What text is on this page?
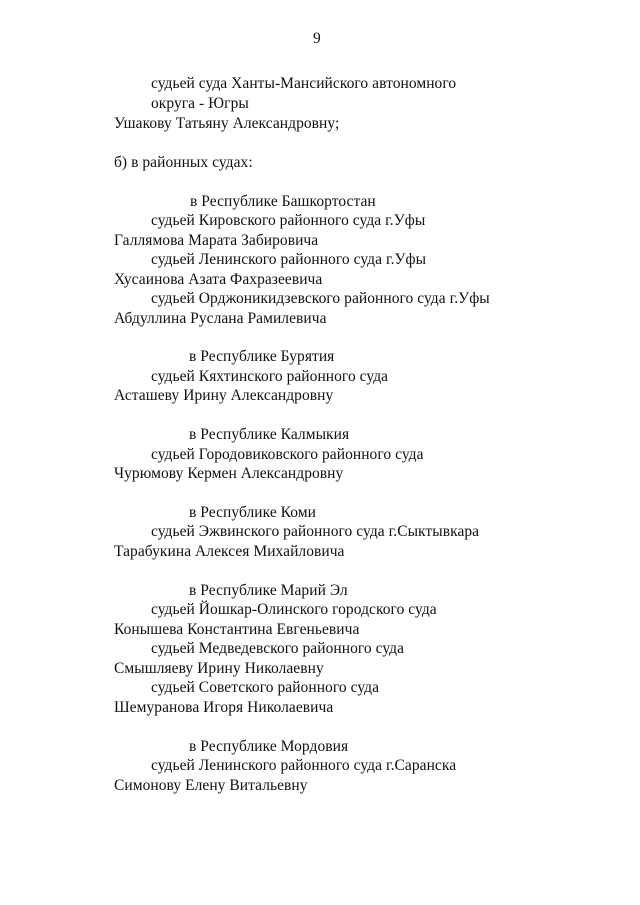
9
судьей суда Ханты-Мансийского автономного
округа - Югры
Ушакову Татьяну Александровну;
б) в районных судах:
в Республике Башкортостан
судьей Кировского районного суда г.Уфы
Галлямова Марата Забировича
судьей Ленинского районного суда г.Уфы
Хусаинова Азата Фахразеевича
судьей Орджоникидзевского районного суда г.Уфы
Абдуллина Руслана Рамилевича
в Республике Бурятия
судьей Кяхтинского районного суда
Асташеву Ирину Александровну
в Республике Калмыкия
судьей Городовиковского районного суда
Чурюмову Кермен Александровну
в Республике Коми
судьей Эжвинского районного суда г.Сыктывкара
Тарабукина Алексея Михайловича
в Республике Марий Эл
судьей Йошкар-Олинского городского суда
Конышева Константина Евгеньевича
судьей Медведевского районного суда
Смышляеву Ирину Николаевну
судьей Советского районного суда
Шемуранова Игоря Николаевича
в Республике Мордовия
судьей Ленинского районного суда г.Саранска
Симонову Елену Витальевну
